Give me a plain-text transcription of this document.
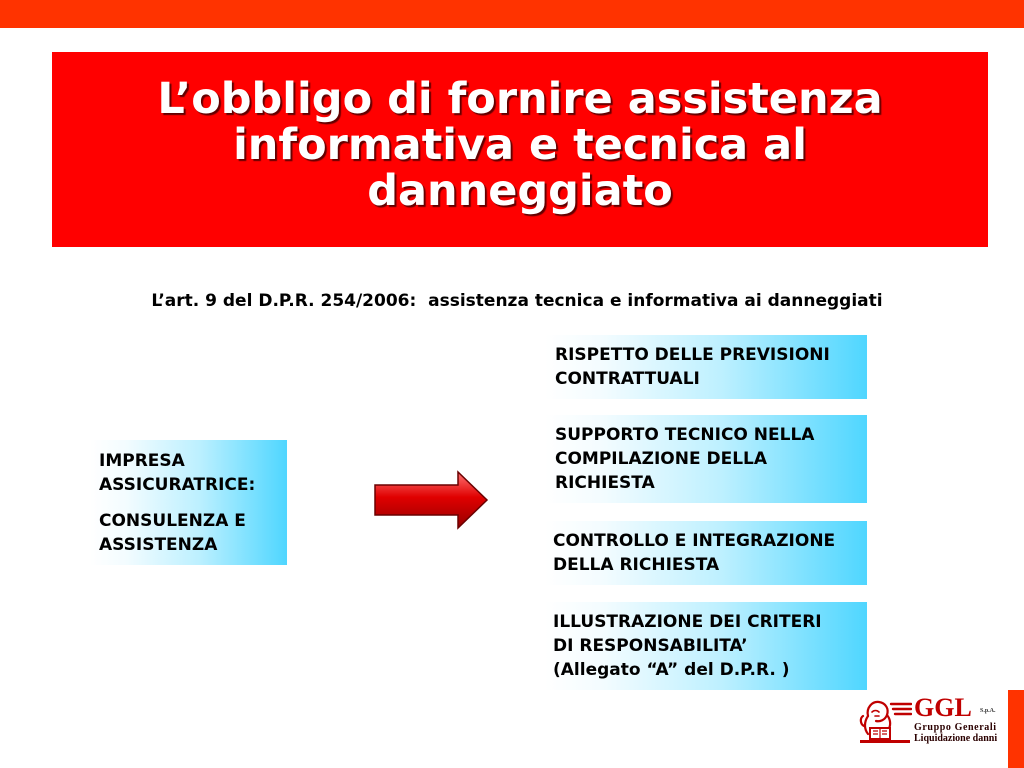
L’obbligo di fornire assistenza
informativa e tecnica al
danneggiato

L’art. 9 del D.P.R. 254/2006:  assistenza tecnica e informativa ai danneggiati

IMPRESA
ASSICURATRICE:
CONSULENZA E
ASSISTENZA
RISPETTO DELLE PREVISIONI
CONTRATTUALI
SUPPORTO TECNICO NELLA
COMPILAZIONE DELLA
RICHIESTA
CONTROLLO E INTEGRAZIONE
DELLA RICHIESTA
ILLUSTRAZIONE DEI CRITERI
DI RESPONSABILITA’
(Allegato “A” del D.P.R. )
GGL S.p.A.
Gruppo Generali
Liquidazione danni
